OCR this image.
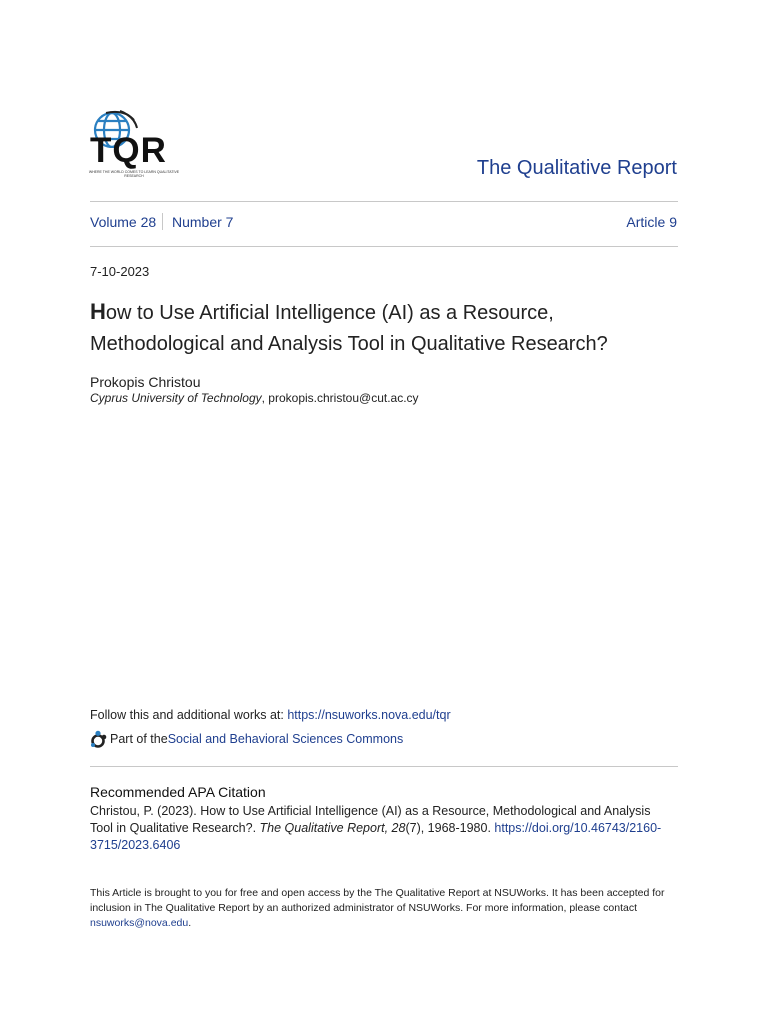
TQR
WHERE THE WORLD COMES TO LEARN QUALITATIVE RESEARCH	The Qualitative Report
Volume 28 Number 7	Article 9
7-10-2023
How to Use Artificial Intelligence (AI) as a Resource, Methodological and Analysis Tool in Qualitative Research?
Prokopis Christou
Cyprus University of Technology, prokopis.christou@cut.ac.cy
Follow this and additional works at: https://nsuworks.nova.edu/tqr
Part of the Social and Behavioral Sciences Commons
Recommended APA Citation
Christou, P. (2023). How to Use Artificial Intelligence (AI) as a Resource, Methodological and Analysis Tool in Qualitative Research?. The Qualitative Report, 28(7), 1968-1980. https://doi.org/10.46743/2160-3715/2023.6406
This Article is brought to you for free and open access by the The Qualitative Report at NSUWorks. It has been accepted for inclusion in The Qualitative Report by an authorized administrator of NSUWorks. For more information, please contact nsuworks@nova.edu.
